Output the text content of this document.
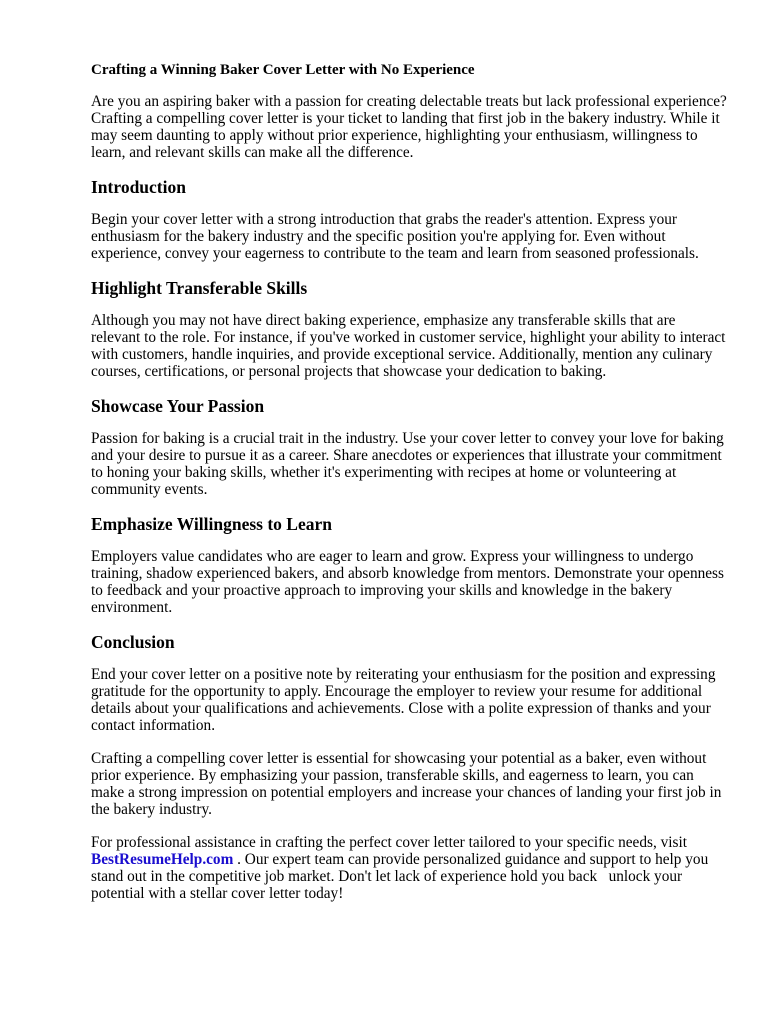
Crafting a Winning Baker Cover Letter with No Experience

Are you an aspiring baker with a passion for creating delectable treats but lack professional experience? Crafting a compelling cover letter is your ticket to landing that first job in the bakery industry. While it may seem daunting to apply without prior experience, highlighting your enthusiasm, willingness to learn, and relevant skills can make all the difference.

Introduction

Begin your cover letter with a strong introduction that grabs the reader's attention. Express your enthusiasm for the bakery industry and the specific position you're applying for. Even without experience, convey your eagerness to contribute to the team and learn from seasoned professionals.

Highlight Transferable Skills

Although you may not have direct baking experience, emphasize any transferable skills that are relevant to the role. For instance, if you've worked in customer service, highlight your ability to interact with customers, handle inquiries, and provide exceptional service. Additionally, mention any culinary courses, certifications, or personal projects that showcase your dedication to baking.

Showcase Your Passion

Passion for baking is a crucial trait in the industry. Use your cover letter to convey your love for baking and your desire to pursue it as a career. Share anecdotes or experiences that illustrate your commitment to honing your baking skills, whether it's experimenting with recipes at home or volunteering at community events.

Emphasize Willingness to Learn

Employers value candidates who are eager to learn and grow. Express your willingness to undergo training, shadow experienced bakers, and absorb knowledge from mentors. Demonstrate your openness to feedback and your proactive approach to improving your skills and knowledge in the bakery environment.

Conclusion

End your cover letter on a positive note by reiterating your enthusiasm for the position and expressing gratitude for the opportunity to apply. Encourage the employer to review your resume for additional details about your qualifications and achievements. Close with a polite expression of thanks and your contact information.

Crafting a compelling cover letter is essential for showcasing your potential as a baker, even without prior experience. By emphasizing your passion, transferable skills, and eagerness to learn, you can make a strong impression on potential employers and increase your chances of landing your first job in the bakery industry.

For professional assistance in crafting the perfect cover letter tailored to your specific needs, visit BestResumeHelp.com . Our expert team can provide personalized guidance and support to help you stand out in the competitive job market. Don't let lack of experience hold you back   unlock your potential with a stellar cover letter today!
